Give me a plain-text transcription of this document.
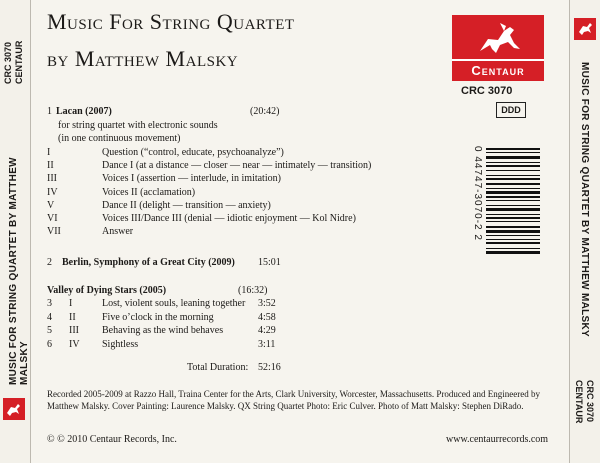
CRC 3070 CENTAUR
MUSIC FOR STRING QUARTET BY MATTHEW MALSKY
MUSIC FOR STRING QUARTET BY MATTHEW MALSKY
CRC 3070
CENTAUR
Music For String Quartet
by Matthew Malsky	Centaur
CRC 3070
DDD
0 44747-3070-2 2
1 Lacan (2007)	(20:42)
for string quartet with electronic sounds
(in one continuous movement)
I	Question (“control, educate, psychoanalyze”)
II	Dance I (at a distance — closer — near — intimately — transition)
III	Voices I (assertion — interlude, in imitation)
IV	Voices II (acclamation)
V	Dance II (delight — transition — anxiety)
VI	Voices III/Dance III (denial — idiotic enjoyment — Kol Nidre)
VII	Answer
2 Berlin, Symphony of a Great City (2009) 15:01
Valley of Dying Stars (2005)	(16:32)
3 I	Lost, violent souls, leaning together 3:52
4 II	Five o’clock in the morning	4:58
5 III Behaving as the wind behaves	4:29
6 IV Sightless	3:11
Total Duration: 52:16
Recorded 2005-2009 at Razzo Hall, Traina Center for the Arts, Clark University, Worcester, Massachusetts. Produced and Engineered by Matthew Malsky. Cover Painting: Laurence Malsky. QX String Quartet Photo: Eric Culver. Photo of Matt Malsky: Stephen DiRado.
© © 2010 Centaur Records, Inc.	www.centaurrecords.com
